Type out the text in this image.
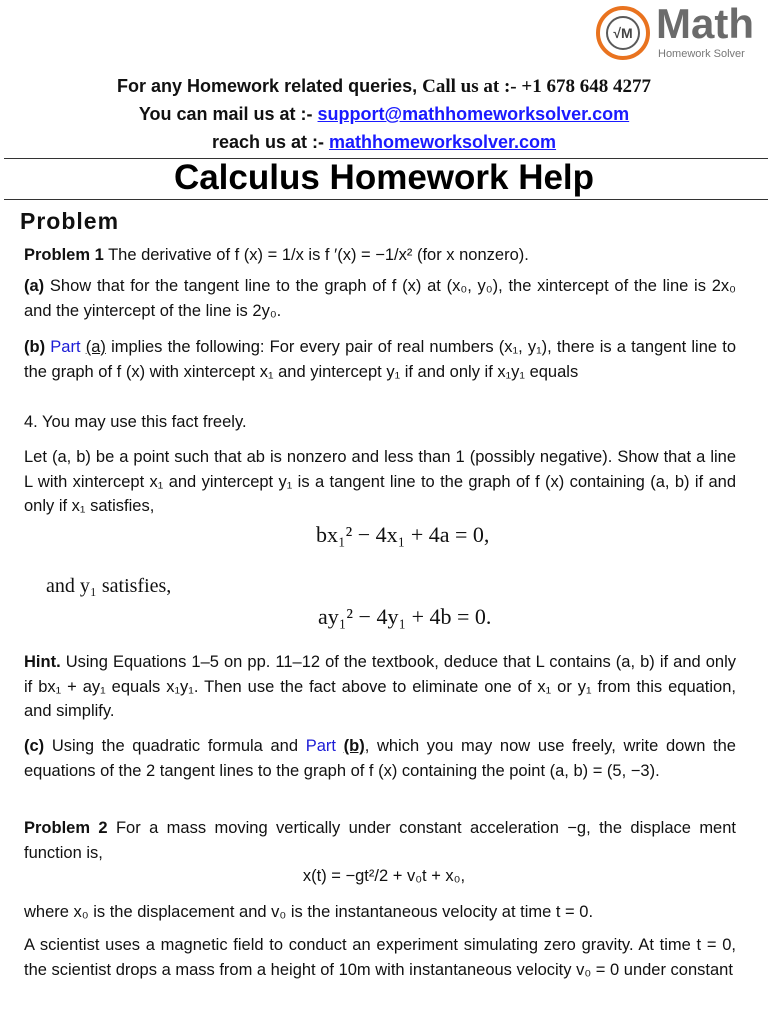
√M Math
Homework Solver
For any Homework related queries, Call us at :- +1 678 648 4277
You can mail us at :- support@mathhomeworksolver.com
reach us at :- mathhomeworksolver.com
Calculus Homework Help
Problem
Problem 1 The derivative of f (x) = 1/x is f ′(x) = −1/x² (for x nonzero).
(a) Show that for the tangent line to the graph of f (x) at (x₀, y₀), the xintercept of the line is 2x₀ and the yintercept of the line is 2y₀.
(b) Part (a) implies the following: For every pair of real numbers (x₁, y₁), there is a tangent line to the graph of f (x) with xintercept x₁ and yintercept y₁ if and only if x₁y₁ equals
4. You may use this fact freely.
Let (a, b) be a point such that ab is nonzero and less than 1 (possibly negative). Show that a line L with xintercept x₁ and yintercept y₁ is a tangent line to the graph of f (x) containing (a, b) if and only if x₁ satisfies,
bx₁² − 4x₁ + 4a = 0,
and y₁ satisfies,
ay₁² − 4y₁ + 4b = 0.
Hint. Using Equations 1–5 on pp. 11–12 of the textbook, deduce that L contains (a, b) if and only if bx₁ + ay₁ equals x₁y₁. Then use the fact above to eliminate one of x₁ or y₁ from this equation, and simplify.
(c) Using the quadratic formula and Part (b), which you may now use freely, write down the equations of the 2 tangent lines to the graph of f (x) containing the point (a, b) = (5, −3).
Problem 2 For a mass moving vertically under constant acceleration −g, the displace ment function is,
x(t) = −gt²/2 + v₀t + x₀,
where x₀ is the displacement and v₀ is the instantaneous velocity at time t = 0.
A scientist uses a magnetic field to conduct an experiment simulating zero gravity. At time t = 0, the scientist drops a mass from a height of 10m with instantaneous velocity v₀ = 0 under constant
